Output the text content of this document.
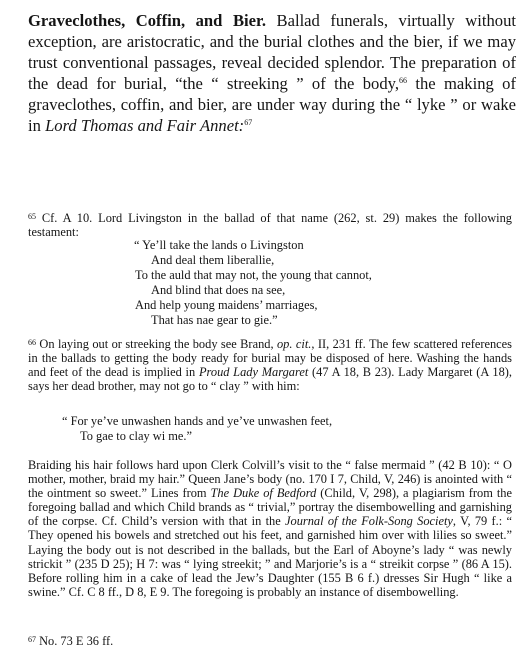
Graveclothes, Coffin, and Bier. Ballad funerals, virtually without exception, are aristocratic, and the burial clothes and the bier, if we may trust conventional passages, reveal decided splendor. The preparation of the dead for burial, “the “ streeking ” of the body,$^{66}$ the making of graveclothes, coffin, and bier, are under way during the “ lyke ” or wake in Lord Thomas and Fair Annet:$^{67}$
$^{65}$ Cf. A 10. Lord Livingston in the ballad of that name (262, st. 29) makes the following testament:
“ Ye’ll take the lands o Livingston
And deal them liberallie,
To the auld that may not, the young that cannot,
And blind that does na see,
And help young maidens’ marriages,
That has nae gear to gie.”
$^{66}$ On laying out or streeking the body see Brand, op. cit., II, 231 ff. The few scattered references in the ballads to getting the body ready for burial may be disposed of here. Washing the hands and feet of the dead is implied in Proud Lady Margaret (47 A 18, B 23). Lady Margaret (A 18), says her dead brother, may not go to “ clay ” with him:
“ For ye’ve unwashen hands and ye’ve unwashen feet,
To gae to clay wi me.”
Braiding his hair follows hard upon Clerk Colvill’s visit to the “ false mermaid ” (42 B 10): “ O mother, mother, braid my hair.” Queen Jane’s body (no. 170 I 7, Child, V, 246) is anointed with “ the ointment so sweet.” Lines from The Duke of Bedford (Child, V, 298), a plagiarism from the foregoing ballad and which Child brands as “ trivial,” portray the disembowelling and garnishing of the corpse. Cf. Child’s version with that in the Journal of the Folk-Song Society, V, 79 f.: “ They opened his bowels and stretched out his feet, and garnished him over with lilies so sweet.” Laying the body out is not described in the ballads, but the Earl of Aboyne’s lady “ was newly strickit ” (235 D 25); H 7: was “ lying streekit; ” and Marjorie’s is a “ streikit corpse ” (86 A 15). Before rolling him in a cake of lead the Jew’s Daughter (155 B 6 f.) dresses Sir Hugh “ like a swine.” Cf. C 8 ff., D 8, E 9. The foregoing is probably an instance of disembowelling.
$^{67}$ No. 73 E 36 ff.
